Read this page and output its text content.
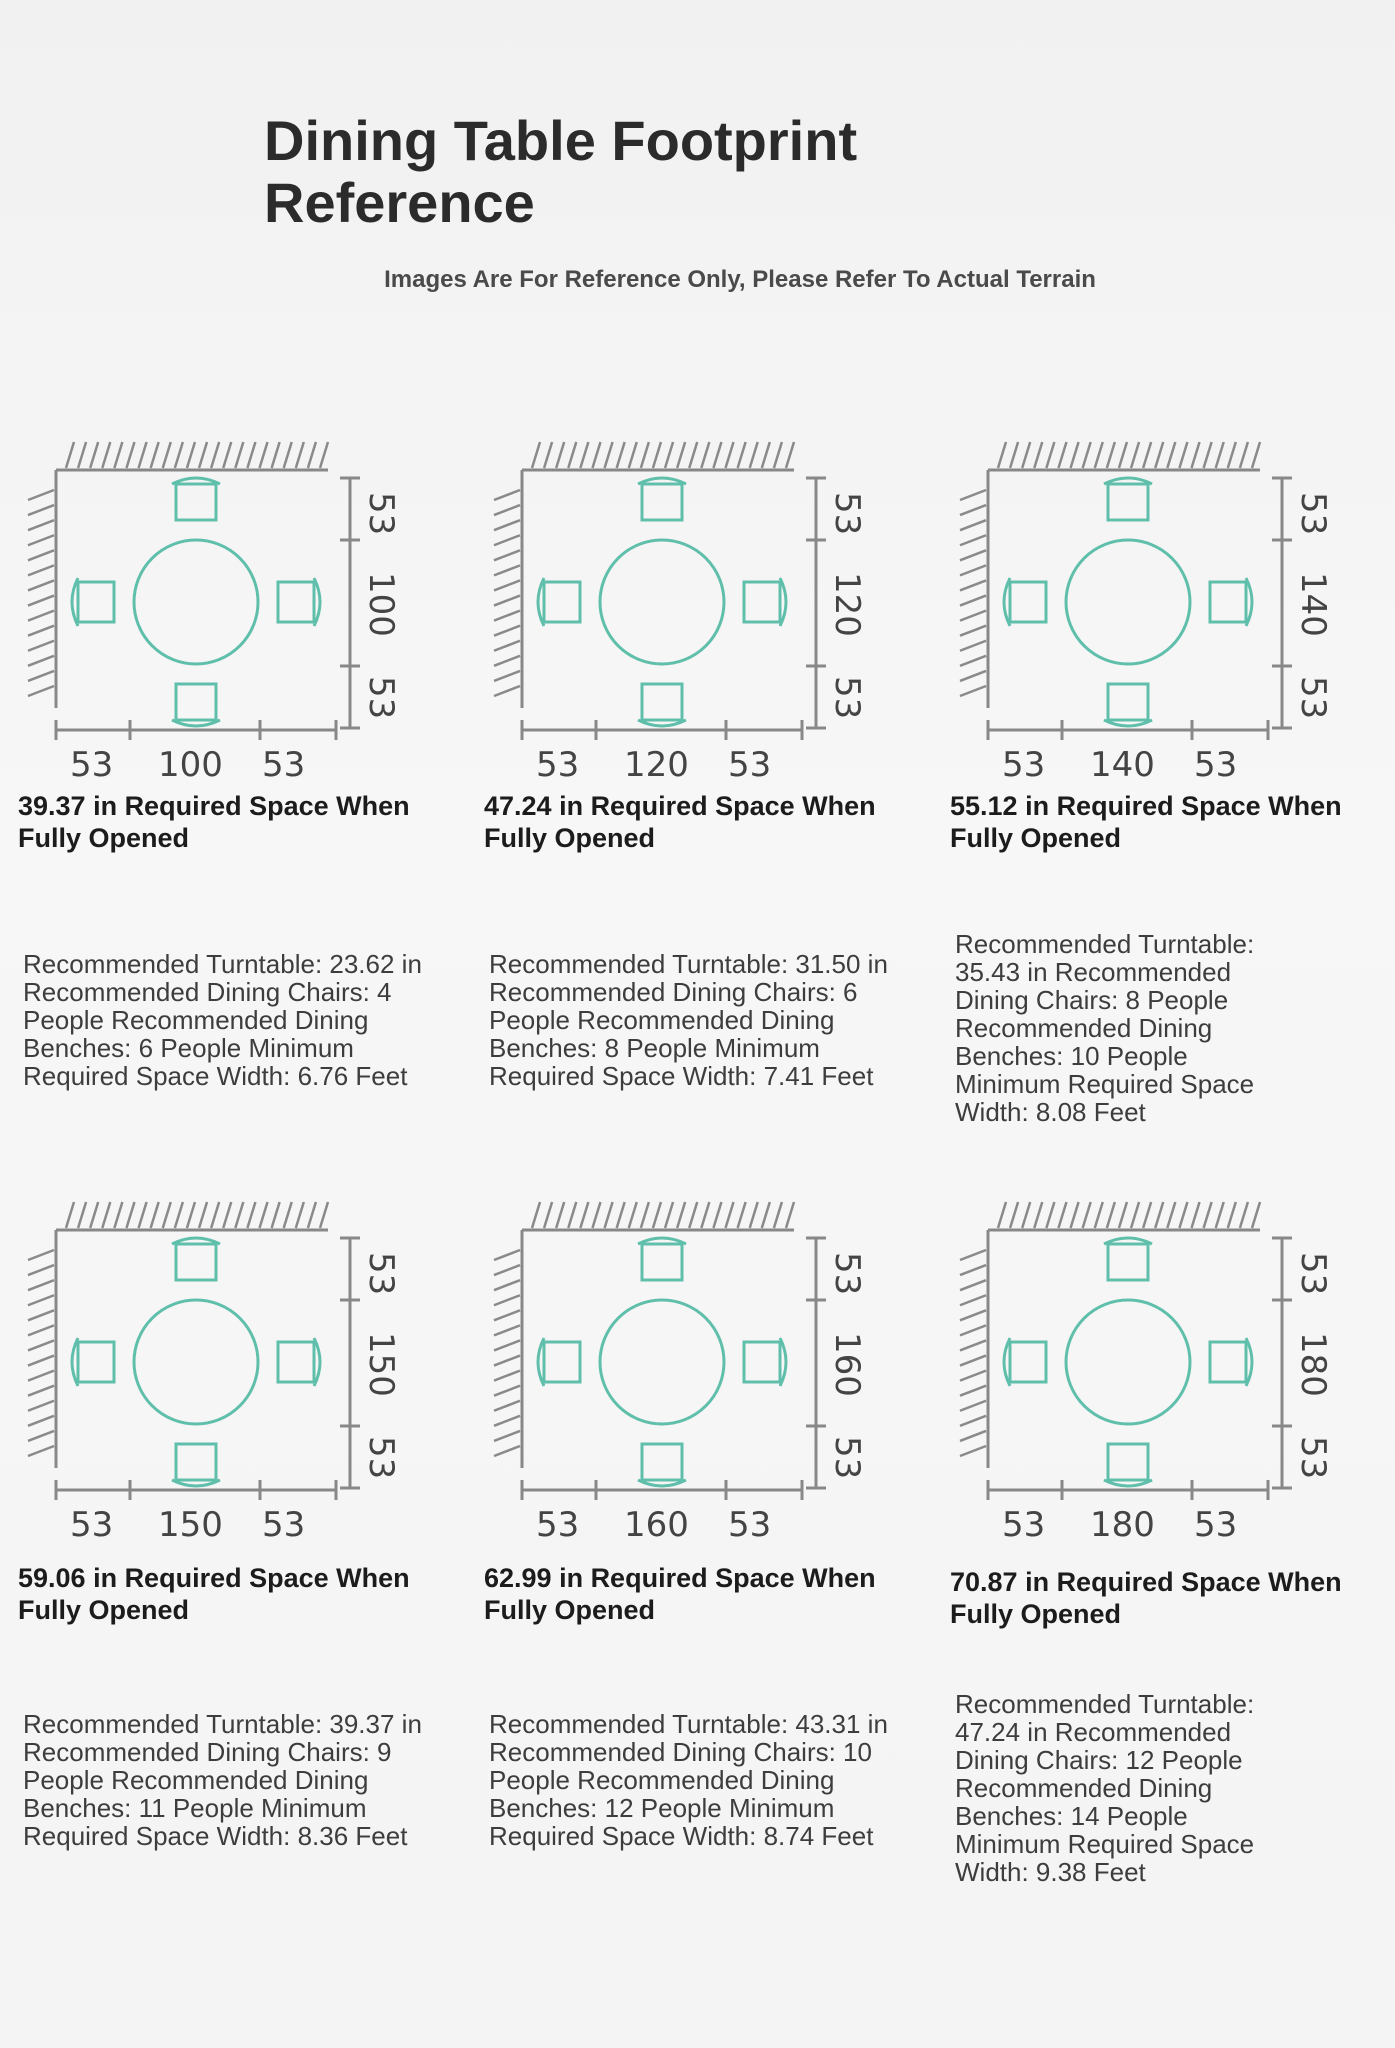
Dining Table Footprint Reference
Images Are For Reference Only, Please Refer To Actual Terrain
53
100
53
53 100 53
39.37 in Required Space When Fully Opened
Recommended Turntable: 23.62 in Recommended Dining Chairs: 4 People Recommended Dining Benches: 6 People Minimum Required Space Width: 6.76 Feet
53
120
53
53 120 53
47.24 in Required Space When Fully Opened
Recommended Turntable: 31.50 in Recommended Dining Chairs: 6 People Recommended Dining Benches: 8 People Minimum Required Space Width: 7.41 Feet
53
140
53
53 140 53
55.12 in Required Space When Fully Opened
Recommended Turntable: 35.43 in Recommended Dining Chairs: 8 People Recommended Dining Benches: 10 People Minimum Required Space Width: 8.08 Feet
53
150
53
53 150 53
59.06 in Required Space When Fully Opened
Recommended Turntable: 39.37 in Recommended Dining Chairs: 9 People Recommended Dining Benches: 11 People Minimum Required Space Width: 8.36 Feet
53
160
53
53 160 53
62.99 in Required Space When Fully Opened
Recommended Turntable: 43.31 in Recommended Dining Chairs: 10 People Recommended Dining Benches: 12 People Minimum Required Space Width: 8.74 Feet
53
180
53
53 180 53
70.87 in Required Space When Fully Opened
Recommended Turntable: 47.24 in Recommended Dining Chairs: 12 People Recommended Dining Benches: 14 People Minimum Required Space Width: 9.38 Feet
